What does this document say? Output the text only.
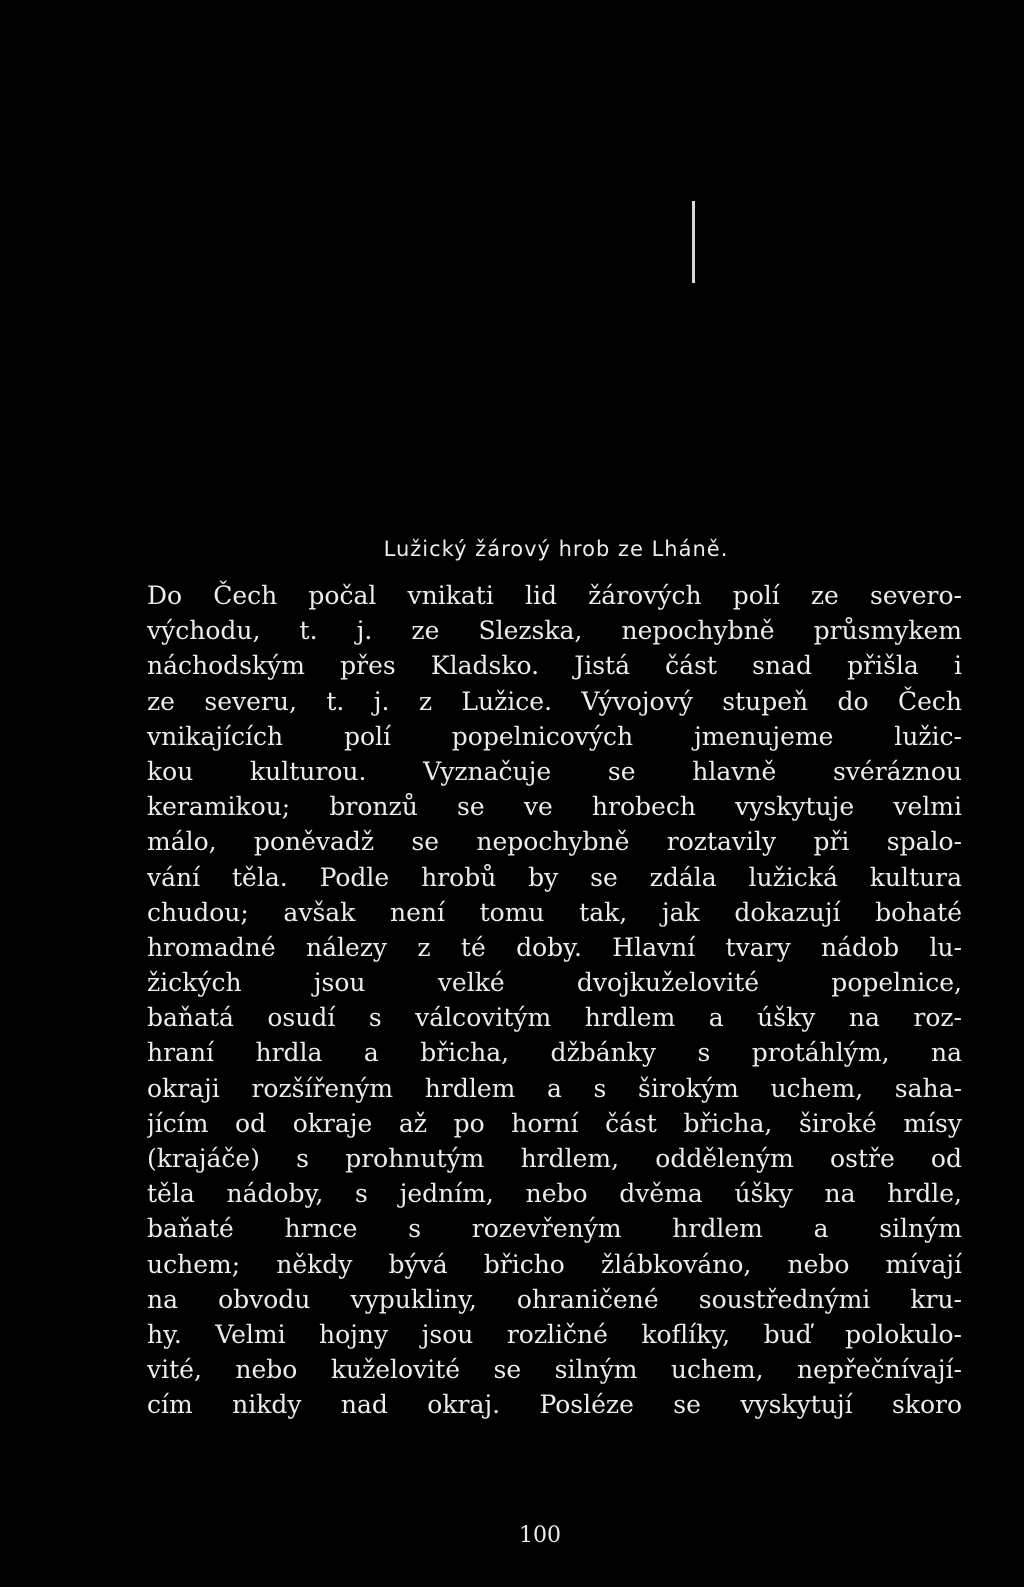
Lužický žárový hrob ze Lháně.
Do Čech počal vnikati lid žárových polí ze severo-
východu, t. j. ze Slezska, nepochybně průsmykem
náchodským přes Kladsko. Jistá část snad přišla i
ze severu, t. j. z Lužice. Vývojový stupeň do Čech
vnikajících polí popelnicových jmenujeme lužic-
kou kulturou. Vyznačuje se hlavně svéráznou
keramikou; bronzů se ve hrobech vyskytuje velmi
málo, poněvadž se nepochybně roztavily při spalo-
vání těla. Podle hrobů by se zdála lužická kultura
chudou; avšak není tomu tak, jak dokazují bohaté
hromadné nálezy z té doby. Hlavní tvary nádob lu-
žických jsou velké dvojkuželovité popelnice,
baňatá osudí s válcovitým hrdlem a úšky na roz-
hraní hrdla a břicha, džbánky s protáhlým, na
okraji rozšířeným hrdlem a s širokým uchem, saha-
jícím od okraje až po horní část břicha, široké mísy
(krajáče) s prohnutým hrdlem, odděleným ostře od
těla nádoby, s jedním, nebo dvěma úšky na hrdle,
baňaté hrnce s rozevřeným hrdlem a silným
uchem; někdy bývá břicho žlábkováno, nebo mívají
na obvodu vypukliny, ohraničené soustřednými kru-
hy. Velmi hojny jsou rozličné koflíky, buď polokulo-
vité, nebo kuželovité se silným uchem, nepřečnívají-
cím nikdy nad okraj. Posléze se vyskytují skoro
100
